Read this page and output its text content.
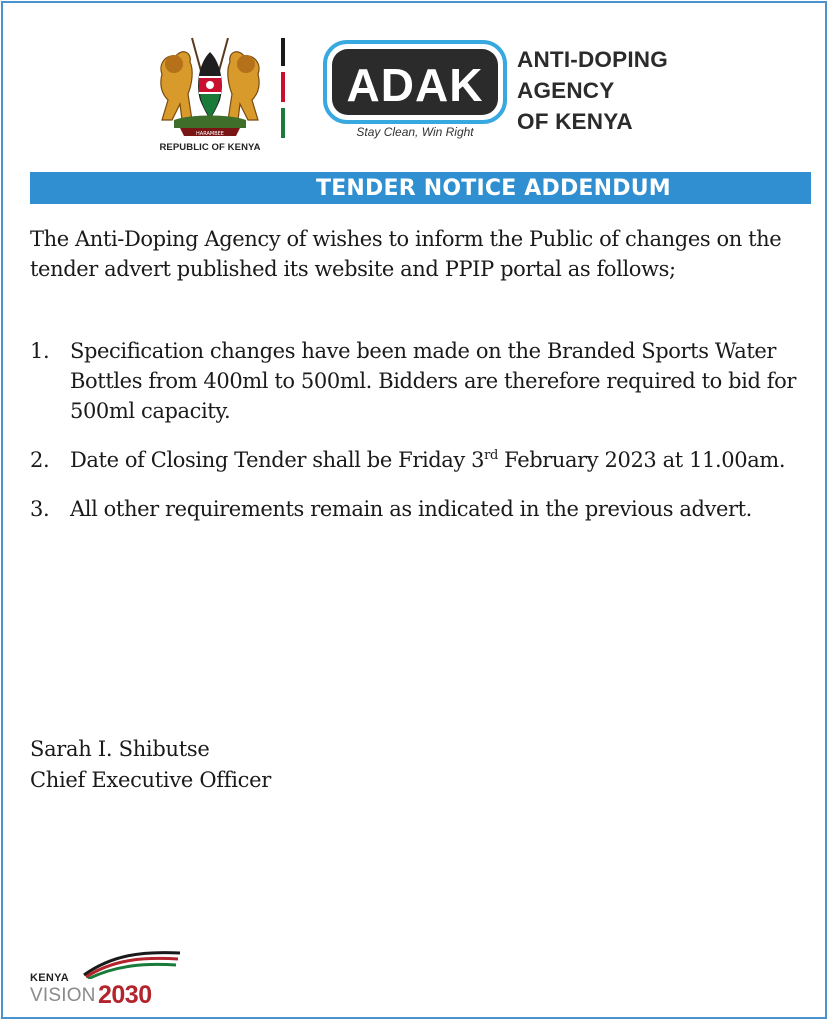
HARAMBEE
REPUBLIC OF KENYA
ADAK
Stay Clean, Win Right
ANTI-DOPING
AGENCY
OF KENYA
TENDER NOTICE ADDENDUM

The Anti-Doping Agency of wishes to inform the Public of changes on the tender advert published its website and PPIP portal as follows;

1. Specification changes have been made on the Branded Sports Water Bottles from 400ml to 500ml. Bidders are therefore required to bid for 500ml capacity.
2. Date of Closing Tender shall be Friday 3rd February 2023 at 11.00am.
3. All other requirements remain as indicated in the previous advert.
Sarah I. Shibutse
Chief Executive Officer
KENYA
VISION 2030
